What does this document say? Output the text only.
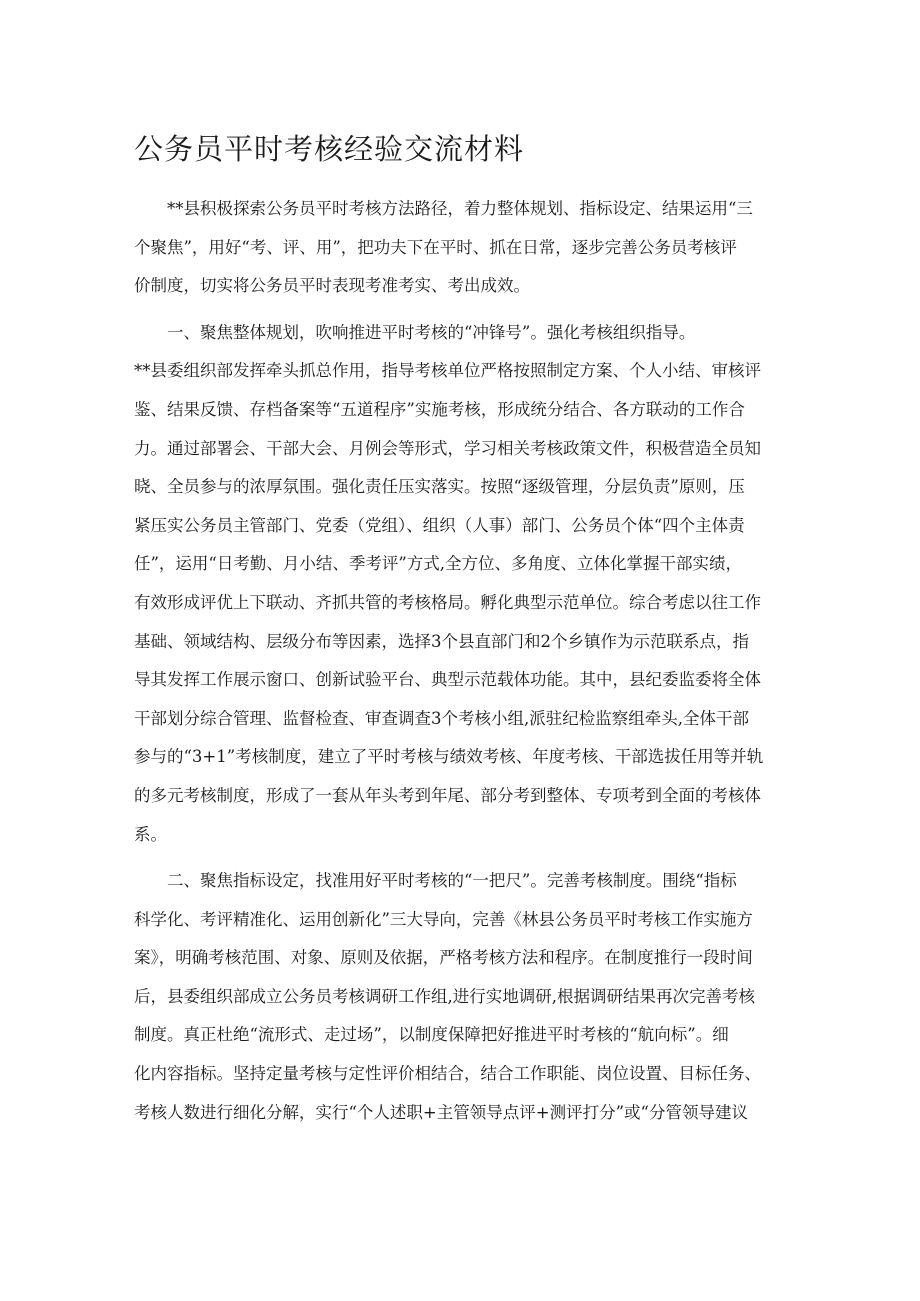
公务员平时考核经验交流材料
　　**县积极探索公务员平时考核方法路径，着力整体规划、指标设定、结果运用“三
个聚焦”，用好“考、评、用”，把功夫下在平时、抓在日常，逐步完善公务员考核评
价制度，切实将公务员平时表现考准考实、考出成效。
　　一、聚焦整体规划，吹响推进平时考核的“冲锋号”。强化考核组织指导。
**县委组织部发挥牵头抓总作用，指导考核单位严格按照制定方案、个人小结、审核评
鉴、结果反馈、存档备案等“五道程序”实施考核，形成统分结合、各方联动的工作合
力。通过部署会、干部大会、月例会等形式，学习相关考核政策文件，积极营造全员知
晓、全员参与的浓厚氛围。强化责任压实落实。按照“逐级管理，分层负责”原则，压
紧压实公务员主管部门、党委（党组）、组织（人事）部门、公务员个体“四个主体责
任”，运用“日考勤、月小结、季考评”方式,全方位、多角度、立体化掌握干部实绩，
有效形成评优上下联动、齐抓共管的考核格局。孵化典型示范单位。综合考虑以往工作
基础、领域结构、层级分布等因素，选择3个县直部门和2个乡镇作为示范联系点，指
导其发挥工作展示窗口、创新试验平台、典型示范载体功能。其中，县纪委监委将全体
干部划分综合管理、监督检查、审查调查3个考核小组,派驻纪检监察组牵头,全体干部
参与的“3+1”考核制度，建立了平时考核与绩效考核、年度考核、干部选拔任用等并轨
的多元考核制度，形成了一套从年头考到年尾、部分考到整体、专项考到全面的考核体
系。
　　二、聚焦指标设定，找准用好平时考核的“一把尺”。完善考核制度。围绕“指标
科学化、考评精准化、运用创新化”三大导向，完善《林县公务员平时考核工作实施方
案》，明确考核范围、对象、原则及依据，严格考核方法和程序。在制度推行一段时间
后，县委组织部成立公务员考核调研工作组,进行实地调研,根据调研结果再次完善考核
制度。真正杜绝“流形式、走过场”，以制度保障把好推进平时考核的“航向标”。细
化内容指标。坚持定量考核与定性评价相结合，结合工作职能、岗位设置、目标任务、
考核人数进行细化分解，实行“个人述职+主管领导点评+测评打分”或“分管领导建议
